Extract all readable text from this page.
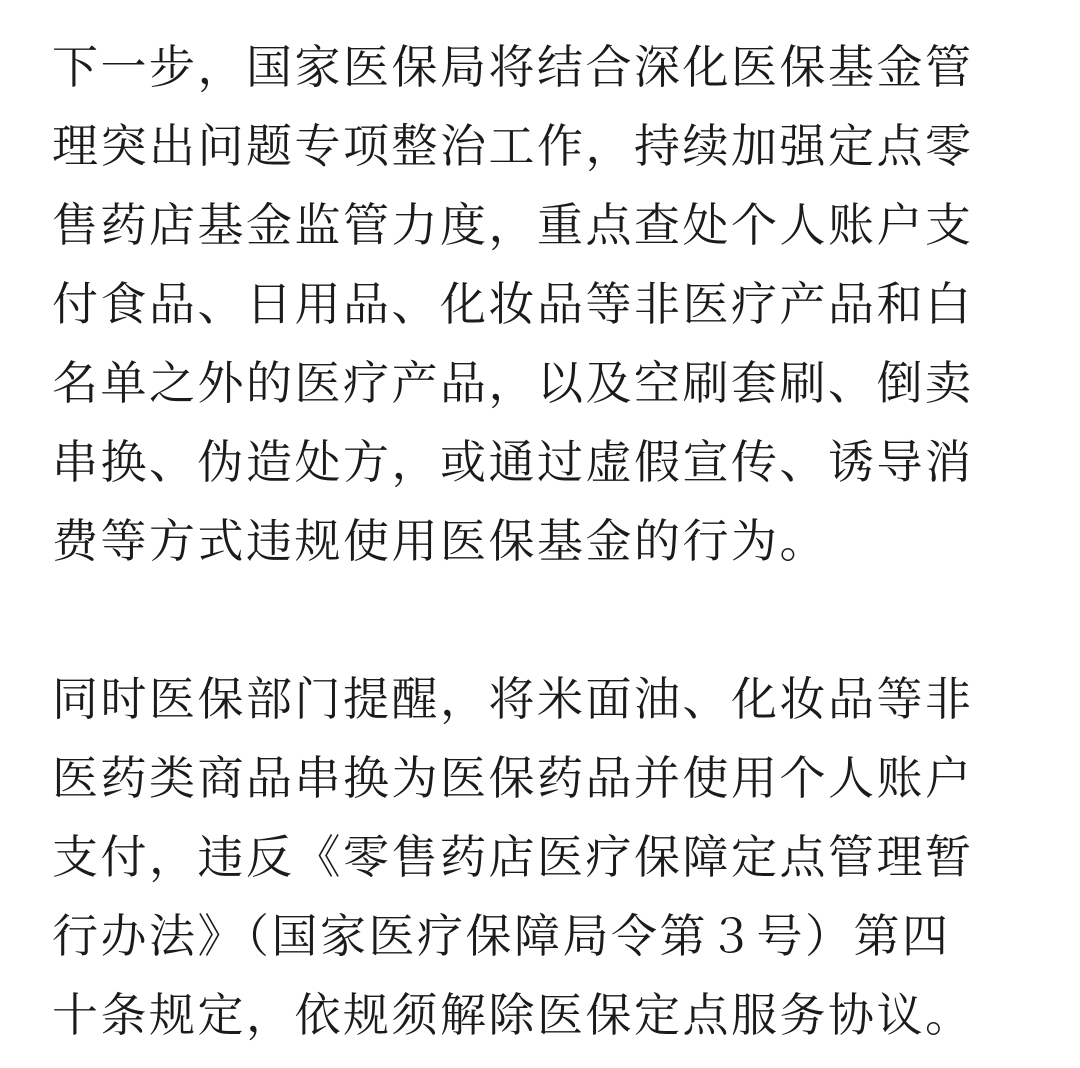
下一步，国家医保局将结合深化医保基金管
理突出问题专项整治工作，持续加强定点零
售药店基金监管力度，重点查处个人账户支
付食品、日用品、化妆品等非医疗产品和白
名单之外的医疗产品，以及空刷套刷、倒卖
串换、伪造处方，或通过虚假宣传、诱导消
费等方式违规使用医保基金的行为。

同时医保部门提醒，将米面油、化妆品等非
医药类商品串换为医保药品并使用个人账户
支付，违反《零售药店医疗保障定点管理暂
行办法》（国家医疗保障局令第３号）第四
十条规定，依规须解除医保定点服务协议。
